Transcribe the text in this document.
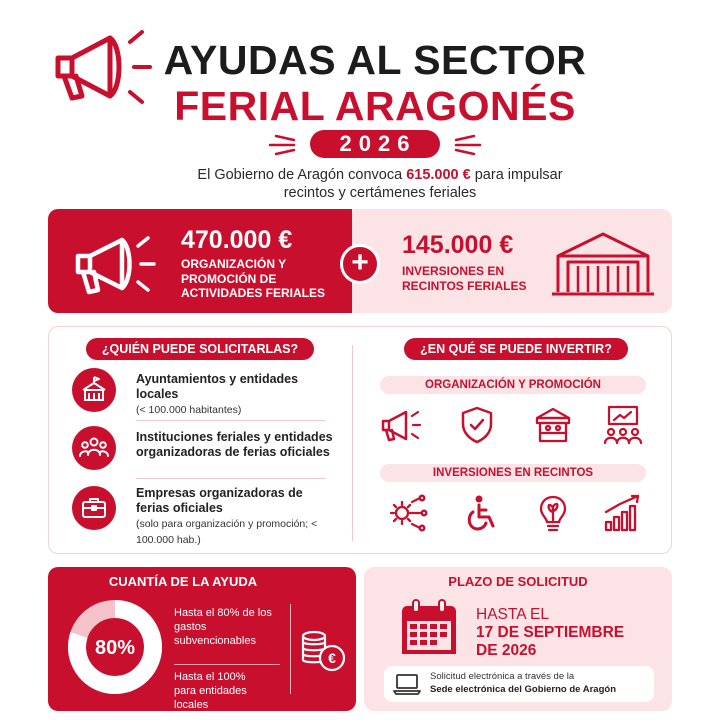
AYUDAS AL SECTOR
FERIAL ARAGONÉS
2026
El Gobierno de Aragón convoca 615.000 € para impulsar
recintos y certámenes feriales
470.000 €
ORGANIZACIÓN Y PROMOCIÓN DE ACTIVIDADES FERIALES
+
145.000 €
INVERSIONES EN RECINTOS FERIALES
¿QUIÉN PUEDE SOLICITARLAS?	¿EN QUÉ SE PUEDE INVERTIR?
Ayuntamientos y entidades locales
(< 100.000 habitantes)
Instituciones feriales y entidades organizadoras de ferias oficiales
Empresas organizadoras de ferias oficiales
(solo para organización y promoción; < 100.000 hab.)
ORGANIZACIÓN Y PROMOCIÓN
INVERSIONES EN RECINTOS
CUANTÍA DE LA AYUDA
80%
Hasta el 80% de los gastos subvencionables
Hasta el 100%
para entidades locales
€
PLAZO DE SOLICITUD
HASTA EL
17 DE SEPTIEMBRE
DE 2026
Solicitud electrónica a través de la
Sede electrónica del Gobierno de Aragón
